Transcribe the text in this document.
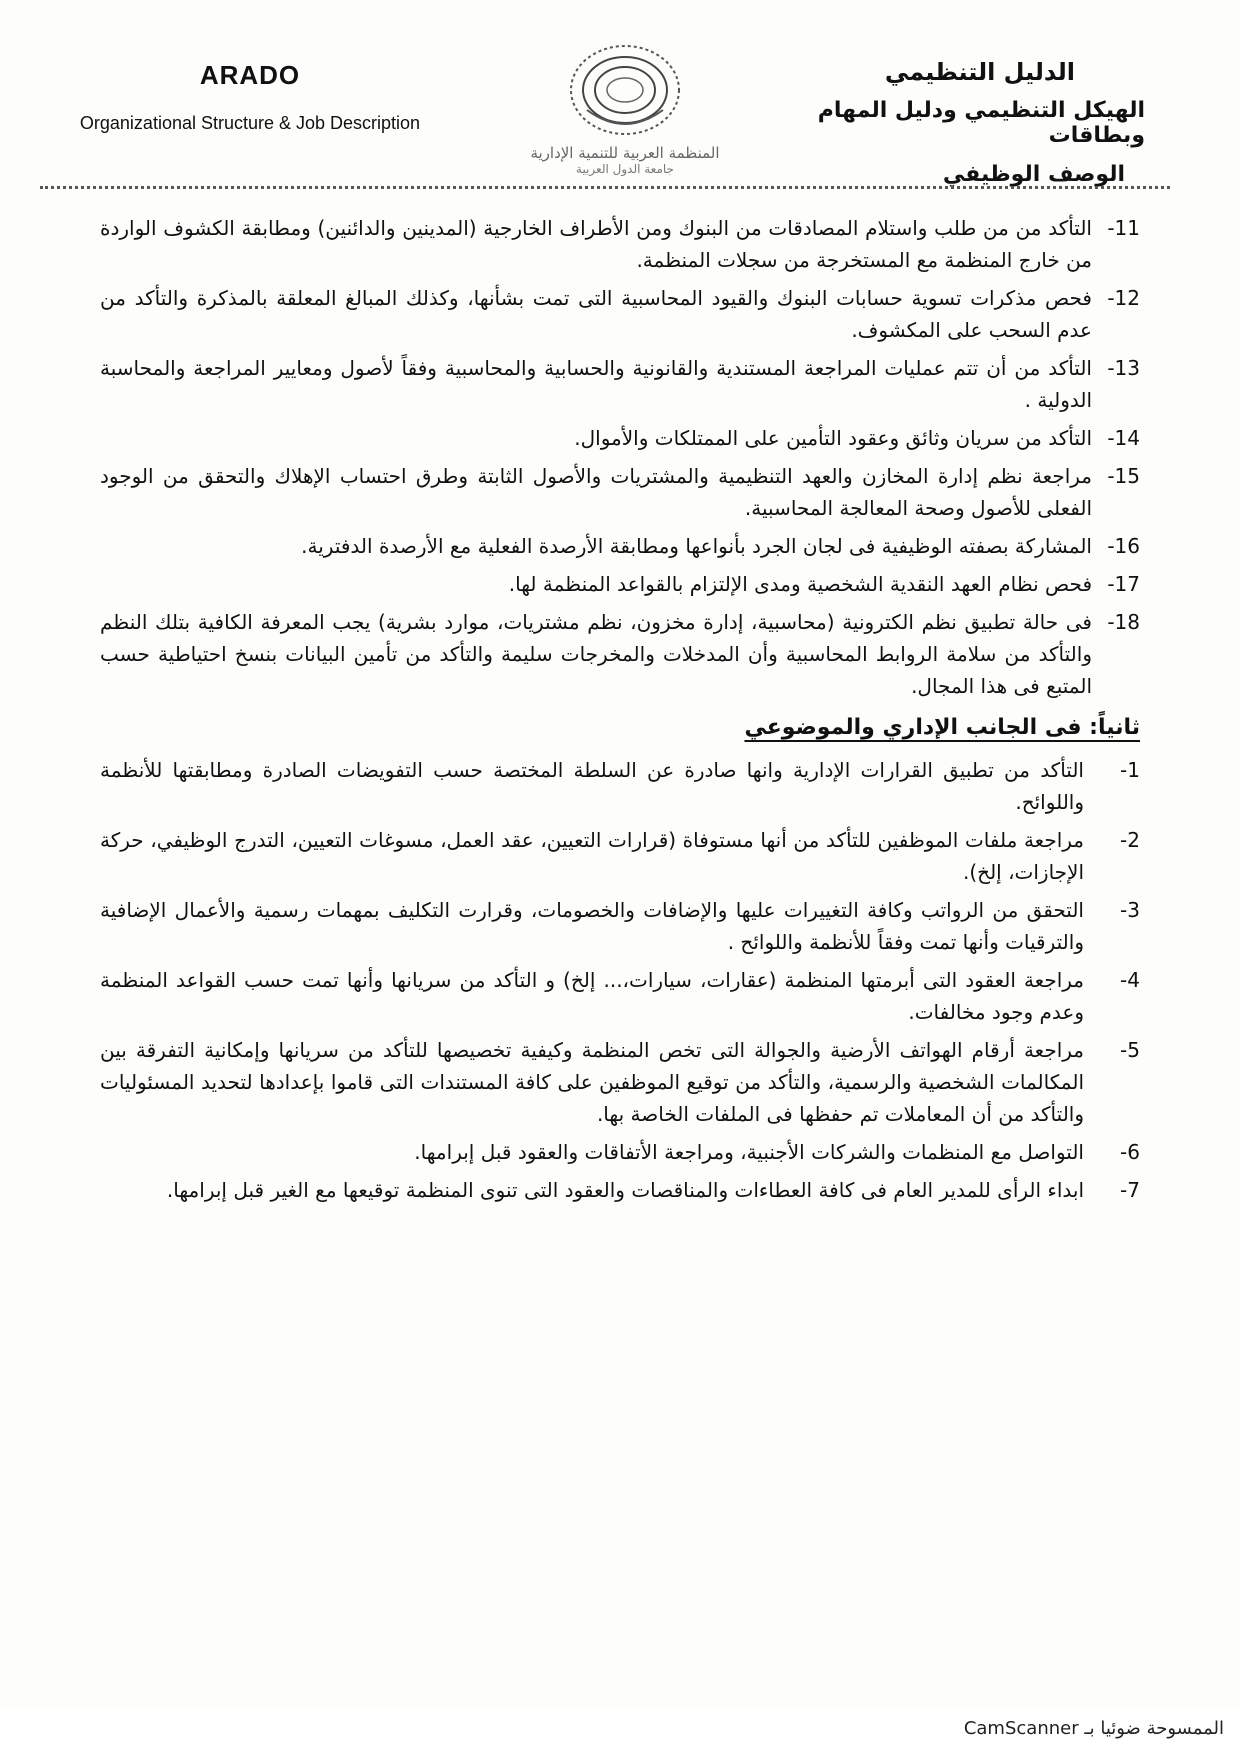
ARADO
Organizational Structure & Job Description
المنظمة العربية للتنمية الإدارية
جامعة الدول العربية
الدليل التنظيمي
الهيكل التنظيمي ودليل المهام وبطاقات
الوصف الوظيفي
11-
التأكد من من طلب واستلام المصادقات من البنوك ومن الأطراف الخارجية (المدينين والدائنين) ومطابقة الكشوف الواردة من خارج المنظمة مع المستخرجة من سجلات المنظمة.
12-
فحص مذكرات تسوية حسابات البنوك والقيود المحاسبية التى تمت بشأنها، وكذلك المبالغ المعلقة بالمذكرة والتأكد من عدم السحب على المكشوف.
13-
التأكد من أن تتم عمليات المراجعة المستندية والقانونية والحسابية والمحاسبية وفقاً لأصول ومعايير المراجعة والمحاسبة الدولية .
14-
التأكد من سريان وثائق وعقود التأمين على الممتلكات والأموال.
15-
مراجعة نظم إدارة المخازن والعهد التنظيمية والمشتريات والأصول الثابتة وطرق احتساب الإهلاك والتحقق من الوجود الفعلى للأصول وصحة المعالجة المحاسبية.
16-
المشاركة بصفته الوظيفية فى لجان الجرد بأنواعها ومطابقة الأرصدة الفعلية مع الأرصدة الدفترية.
17-
فحص نظام العهد النقدية الشخصية ومدى الإلتزام بالقواعد المنظمة لها.
18-
فى حالة تطبيق نظم الكترونية (محاسبية، إدارة مخزون، نظم مشتريات، موارد بشرية) يجب المعرفة الكافية بتلك النظم والتأكد من سلامة الروابط المحاسبية وأن المدخلات والمخرجات سليمة والتأكد من تأمين البيانات بنسخ احتياطية حسب المتبع فى هذا المجال.
ثانياً: فى الجانب الإداري والموضوعي
1-
التأكد من تطبيق القرارات الإدارية وانها صادرة عن السلطة المختصة حسب التفويضات الصادرة ومطابقتها للأنظمة واللوائح.
2-
مراجعة ملفات الموظفين للتأكد من أنها مستوفاة (قرارات التعيين، عقد العمل، مسوغات التعيين، التدرج الوظيفي، حركة الإجازات، إلخ).
3-
التحقق من الرواتب وكافة التغييرات عليها والإضافات والخصومات، وقرارت التكليف بمهمات رسمية والأعمال الإضافية والترقيات وأنها تمت وفقاً للأنظمة واللوائح .
4-
مراجعة العقود التى أبرمتها المنظمة (عقارات، سيارات،... إلخ) و التأكد من سريانها وأنها تمت حسب القواعد المنظمة وعدم وجود مخالفات.
5-
مراجعة أرقام الهواتف الأرضية والجوالة التى تخص المنظمة وكيفية تخصيصها للتأكد من سريانها وإمكانية التفرقة بين المكالمات الشخصية والرسمية، والتأكد من توقيع الموظفين على كافة المستندات التى قاموا بإعدادها لتحديد المسئوليات والتأكد من أن المعاملات تم حفظها فى الملفات الخاصة بها.
6-
التواصل مع المنظمات والشركات الأجنبية، ومراجعة الأتفاقات والعقود قبل إبرامها.
7-
ابداء الرأى للمدير العام فى كافة العطاءات والمناقصات والعقود التى تنوى المنظمة توقيعها مع الغير قبل إبرامها.
الممسوحة ضوئيا بـ CamScanner
